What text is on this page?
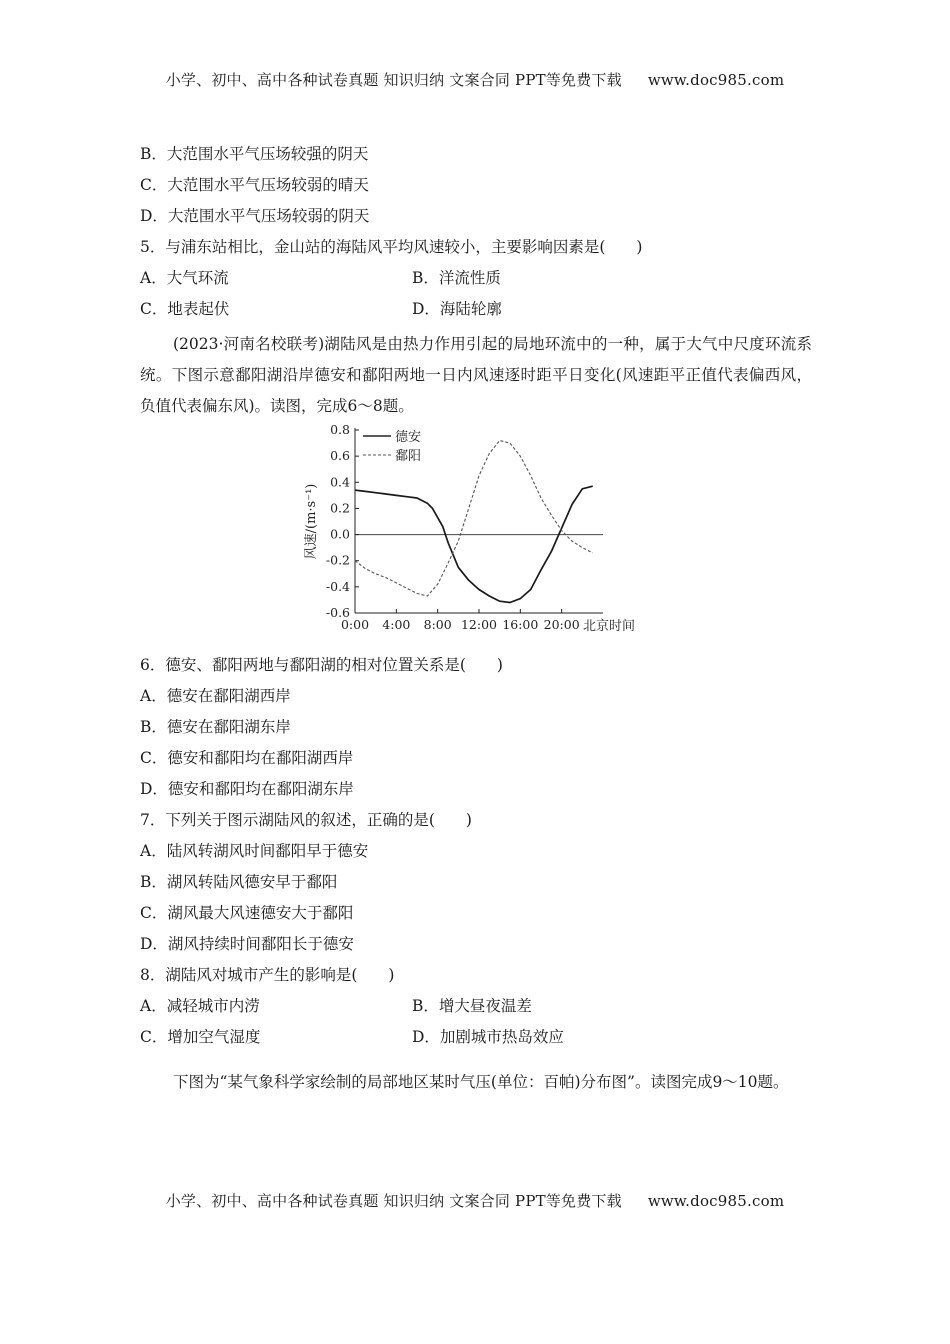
小学、初中、高中各种试卷真题 知识归纳 文案合同 PPT等免费下载 www.doc985.com
B．大范围水平气压场较强的阴天
C．大范围水平气压场较弱的晴天
D．大范围水平气压场较弱的阴天
5．与浦东站相比，金山站的海陆风平均风速较小，主要影响因素是(　　)
A．大气环流	B．洋流性质
C．地表起伏	D．海陆轮廓
(2023·河南名校联考)湖陆风是由热力作用引起的局地环流中的一种，属于大气中尺度环流系统。下图示意鄱阳湖沿岸德安和鄱阳两地一日内风速逐时距平日变化(风速距平正值代表偏西风，负值代表偏东风)。读图，完成6～8题。
0.8
0.6
0.4
0.2
0.0
-0.2
-0.4
-0.6
0:00 4:00 8:00 12:00 16:00 20:00
风速/(m·s⁻¹)
北京时间
德安
鄱阳
6．德安、鄱阳两地与鄱阳湖的相对位置关系是(　　)
A．德安在鄱阳湖西岸
B．德安在鄱阳湖东岸
C．德安和鄱阳均在鄱阳湖西岸
D．德安和鄱阳均在鄱阳湖东岸
7．下列关于图示湖陆风的叙述，正确的是(　　)
A．陆风转湖风时间鄱阳早于德安
B．湖风转陆风德安早于鄱阳
C．湖风最大风速德安大于鄱阳
D．湖风持续时间鄱阳长于德安
8．湖陆风对城市产生的影响是(　　)
A．减轻城市内涝	B．增大昼夜温差
C．增加空气湿度	D．加剧城市热岛效应
下图为“某气象科学家绘制的局部地区某时气压(单位：百帕)分布图”。读图完成9～10题。
小学、初中、高中各种试卷真题 知识归纳 文案合同 PPT等免费下载 www.doc985.com
